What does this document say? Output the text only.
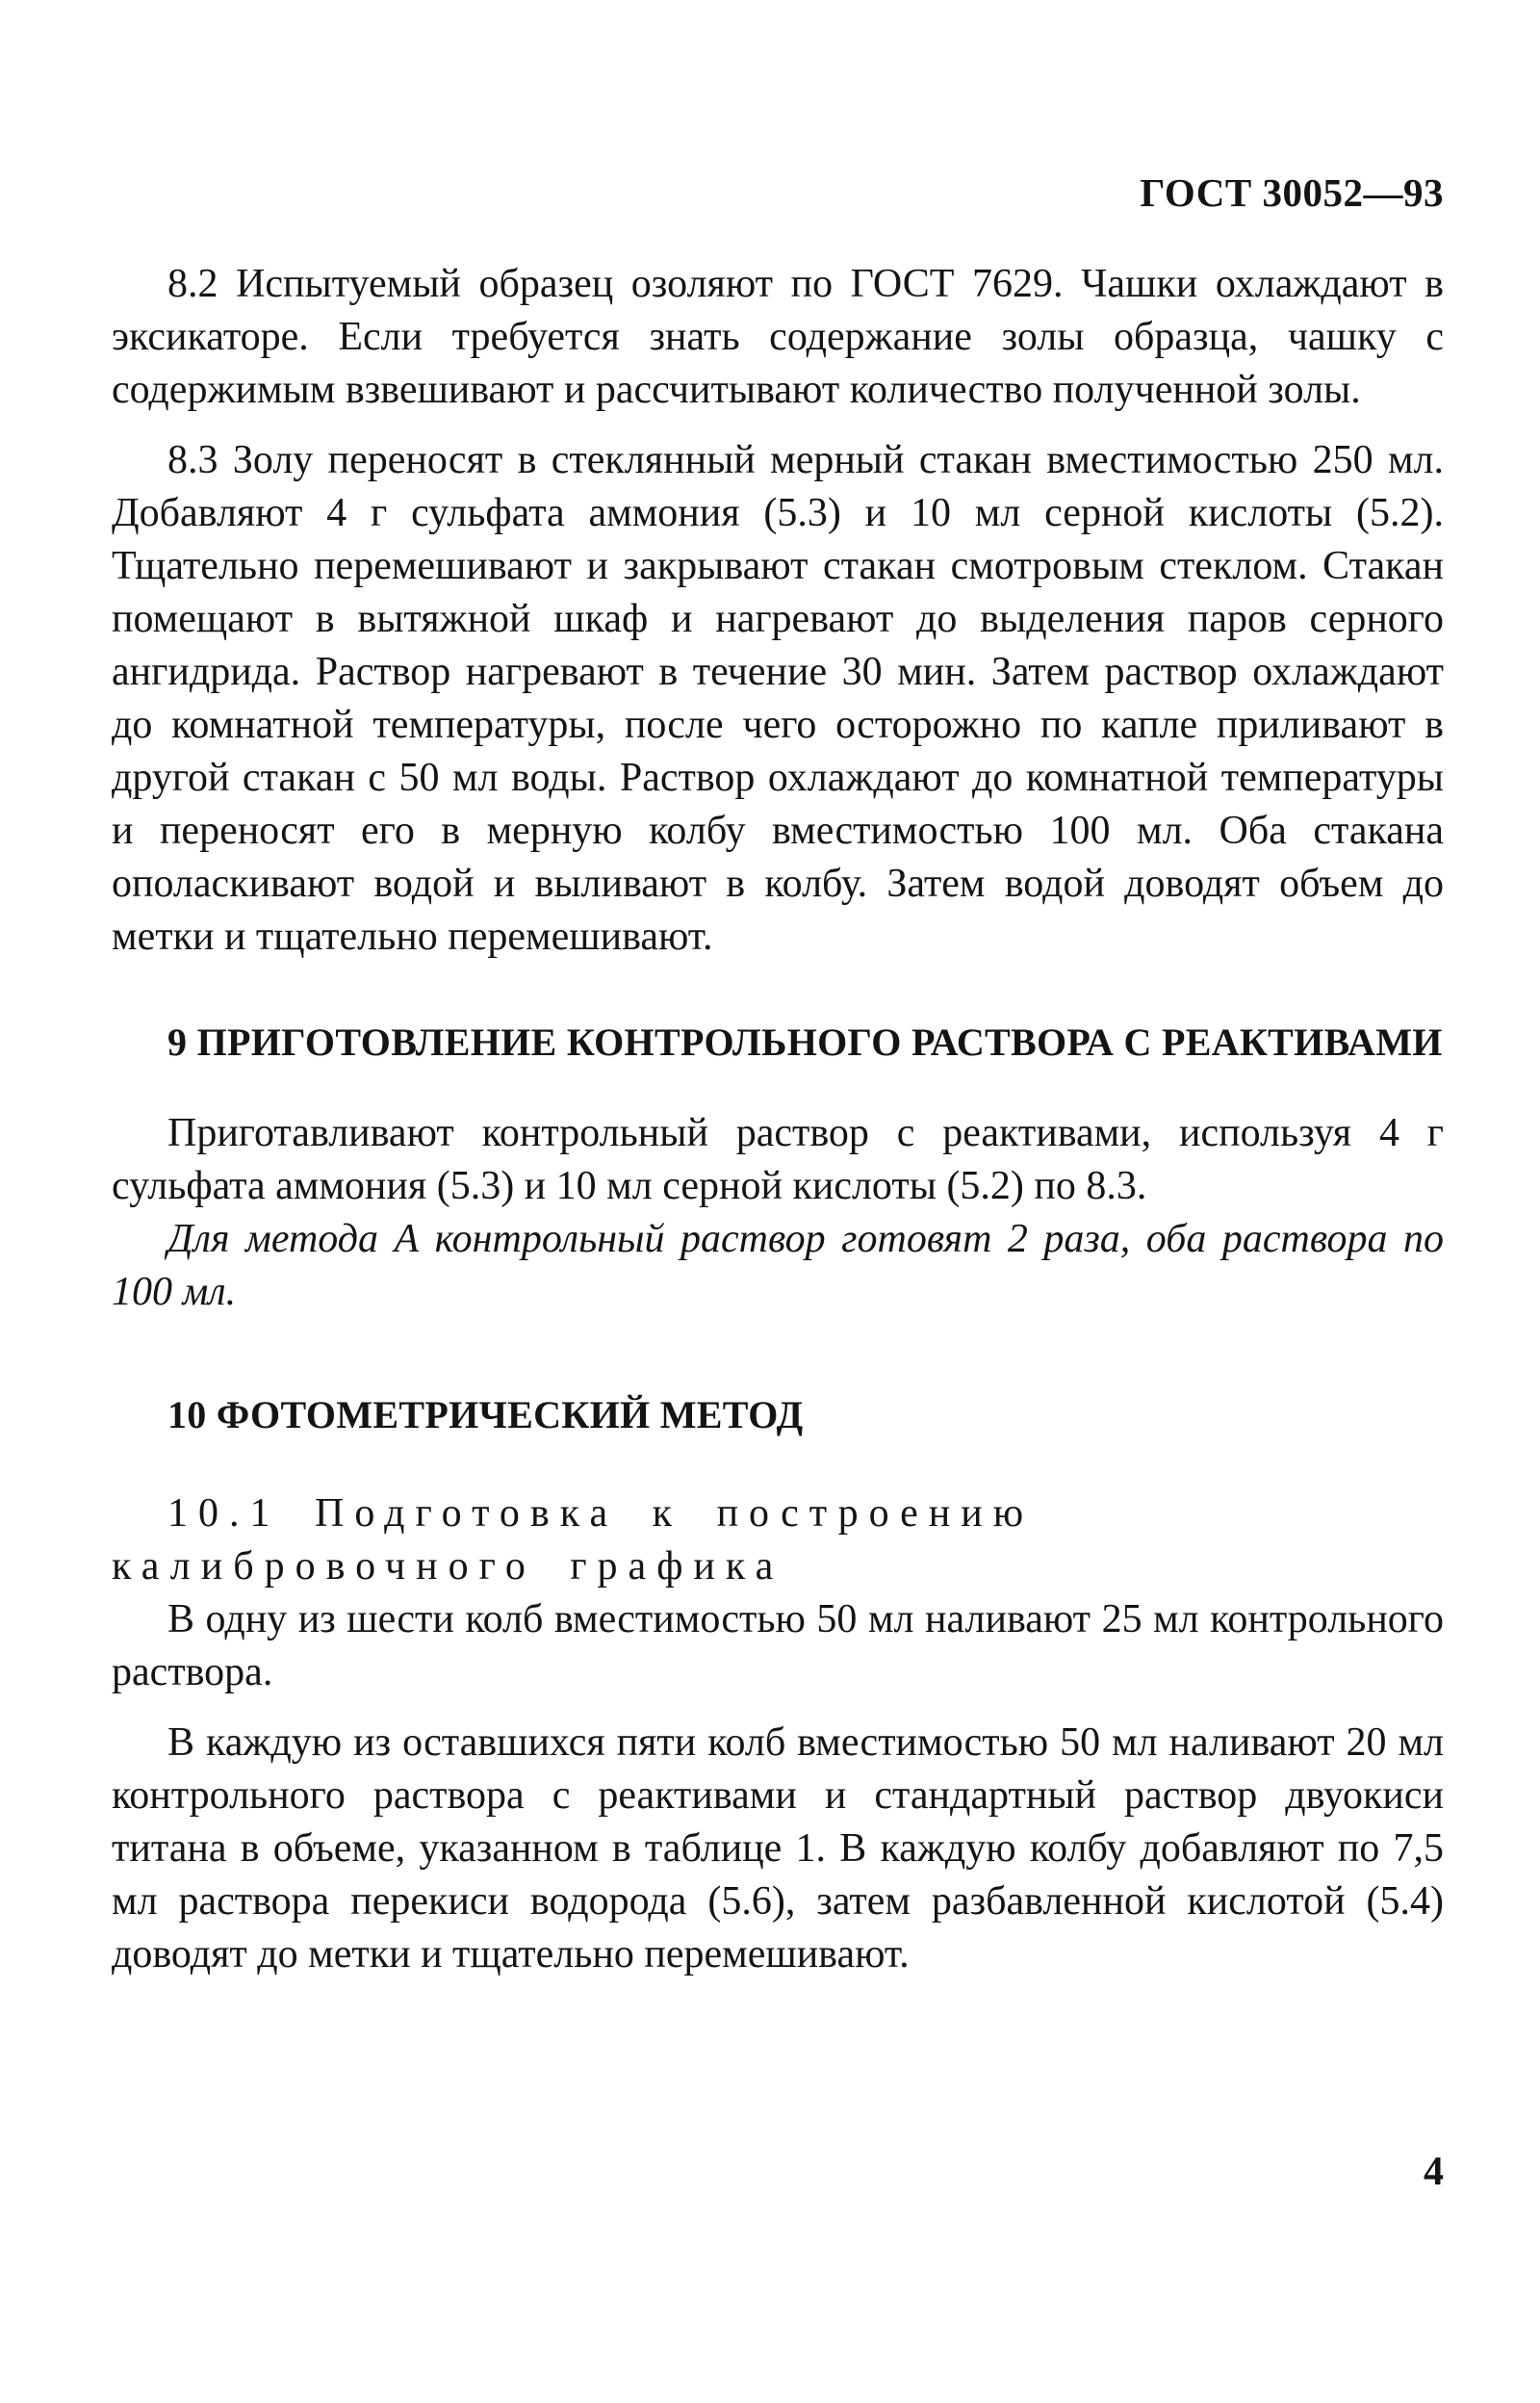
ГОСТ 30052—93

8.2 Испытуемый образец озоляют по ГОСТ 7629. Чашки охлаждают в эксикаторе. Если требуется знать содержание золы образца, чашку с содержимым взвешивают и рассчитывают количество полученной золы.

8.3 Золу переносят в стеклянный мерный стакан вместимостью 250 мл. Добавляют 4 г сульфата аммония (5.3) и 10 мл серной кислоты (5.2). Тщательно перемешивают и закрывают стакан смотровым стеклом. Стакан помещают в вытяжной шкаф и нагревают до выделения паров серного ангидрида. Раствор нагревают в течение 30 мин. Затем раствор охлаждают до комнатной температуры, после чего осторожно по капле приливают в другой стакан с 50 мл воды. Раствор охлаждают до комнатной температуры и переносят его в мерную колбу вместимостью 100 мл. Оба стакана ополаскивают водой и выливают в колбу. Затем водой доводят объем до метки и тщательно перемешивают.

9 ПРИГОТОВЛЕНИЕ КОНТРОЛЬНОГО РАСТВОРА С РЕАКТИВАМИ

Приготавливают контрольный раствор с реактивами, используя 4 г сульфата аммония (5.3) и 10 мл серной кислоты (5.2) по 8.3.

Для метода А контрольный раствор готовят 2 раза, оба раствора по 100 мл.

10 ФОТОМЕТРИЧЕСКИЙ МЕТОД

10.1 Подготовка к построению калибровочного графика

В одну из шести колб вместимостью 50 мл наливают 25 мл контрольного раствора.

В каждую из оставшихся пяти колб вместимостью 50 мл наливают 20 мл контрольного раствора с реактивами и стандартный раствор двуокиси титана в объеме, указанном в таблице 1. В каждую колбу добавляют по 7,5 мл раствора перекиси водорода (5.6), затем разбавленной кислотой (5.4) доводят до метки и тщательно перемешивают.

4
